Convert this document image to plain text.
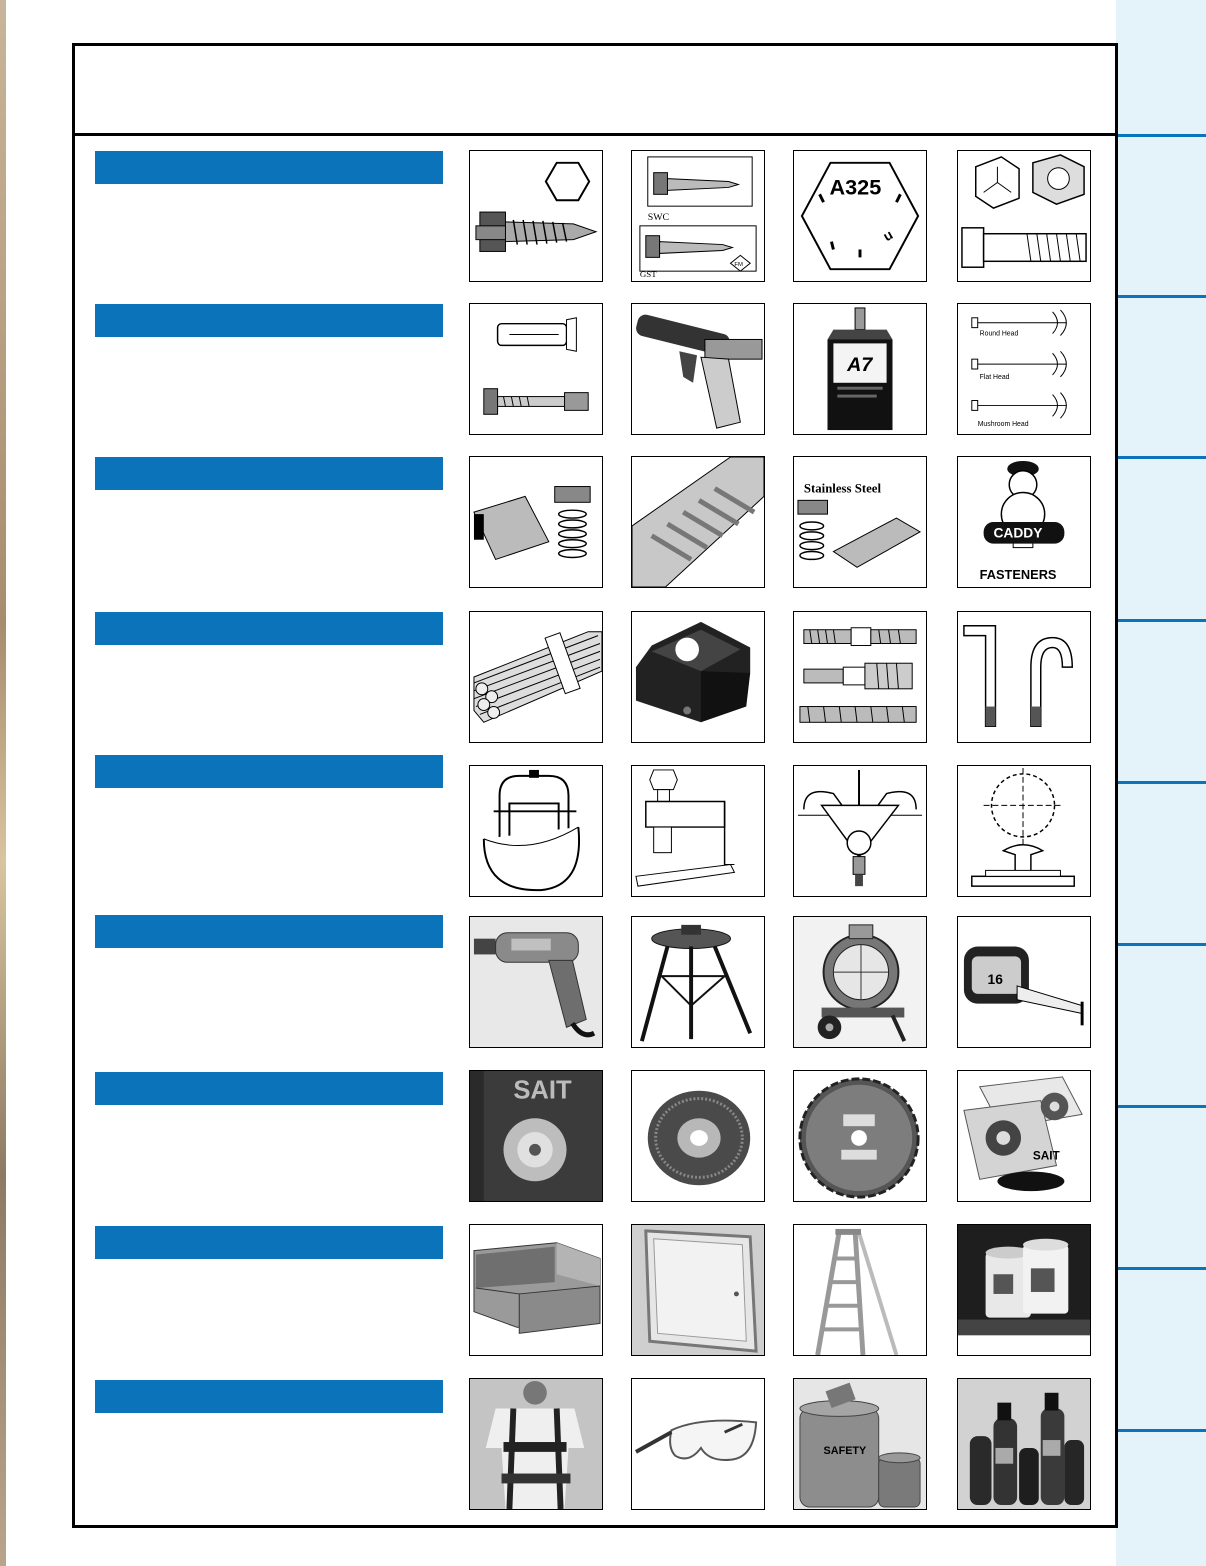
SWC
GST
FM
A325
u
A7
Round Head
Flat Head
Mushroom Head
Stainless Steel
CADDY
FASTENERS
16
SAIT
SAIT
SAFETY
